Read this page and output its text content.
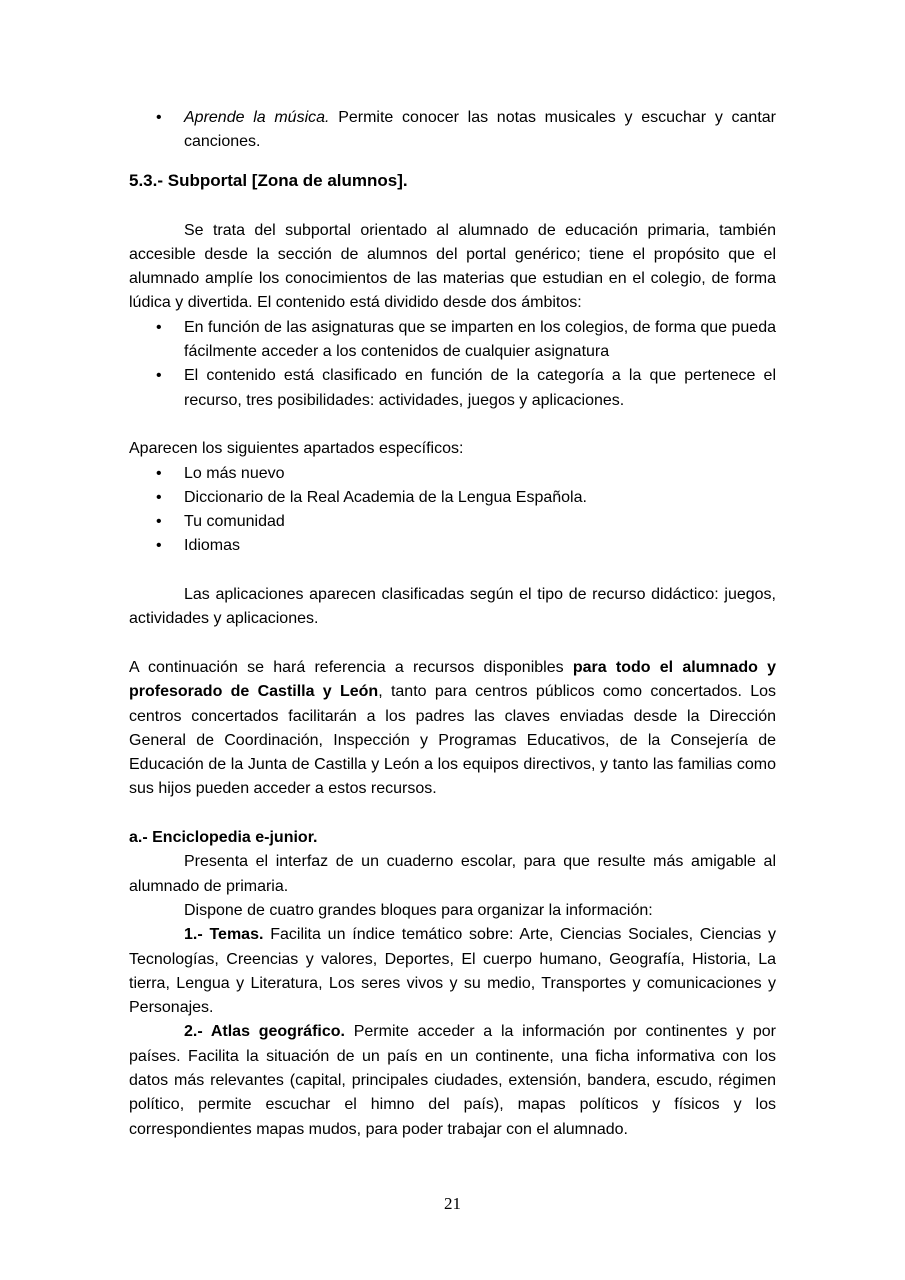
• Aprende la música. Permite conocer las notas musicales y escuchar y cantar canciones.
5.3.- Subportal [Zona de alumnos].

Se trata del subportal orientado al alumnado de educación primaria, también accesible desde la sección de alumnos del portal genérico; tiene el propósito que el alumnado amplíe los conocimientos de las materias que estudian en el colegio, de forma lúdica y divertida. El contenido está dividido desde dos ámbitos:

• En función de las asignaturas que se imparten en los colegios, de forma que pueda fácilmente acceder a los contenidos de cualquier asignatura
• El contenido está clasificado en función de la categoría a la que pertenece el recurso, tres posibilidades: actividades, juegos y aplicaciones.

Aparecen los siguientes apartados específicos:

• Lo más nuevo
• Diccionario de la Real Academia de la Lengua Española.
• Tu comunidad
• Idiomas

Las aplicaciones aparecen clasificadas según el tipo de recurso didáctico: juegos, actividades y aplicaciones.

A continuación se hará referencia a recursos disponibles para todo el alumnado y profesorado de Castilla y León, tanto para centros públicos como concertados. Los centros concertados facilitarán a los padres las claves enviadas desde la Dirección General de Coordinación, Inspección y Programas Educativos, de la Consejería de Educación de la Junta de Castilla y León a los equipos directivos, y tanto las familias como sus hijos pueden acceder a estos recursos.

a.- Enciclopedia e-junior.

Presenta el interfaz de un cuaderno escolar, para que resulte más amigable al alumnado de primaria.

Dispone de cuatro grandes bloques para organizar la información:

1.- Temas. Facilita un índice temático sobre: Arte, Ciencias Sociales, Ciencias y Tecnologías, Creencias y valores, Deportes, El cuerpo humano, Geografía, Historia, La tierra, Lengua y Literatura, Los seres vivos y su medio, Transportes y comunicaciones y Personajes.

2.- Atlas geográfico. Permite acceder a la información por continentes y por países. Facilita la situación de un país en un continente, una ficha informativa con los datos más relevantes (capital, principales ciudades, extensión, bandera, escudo, régimen político, permite escuchar el himno del país), mapas políticos y físicos y los correspondientes mapas mudos, para poder trabajar con el alumnado.

21
